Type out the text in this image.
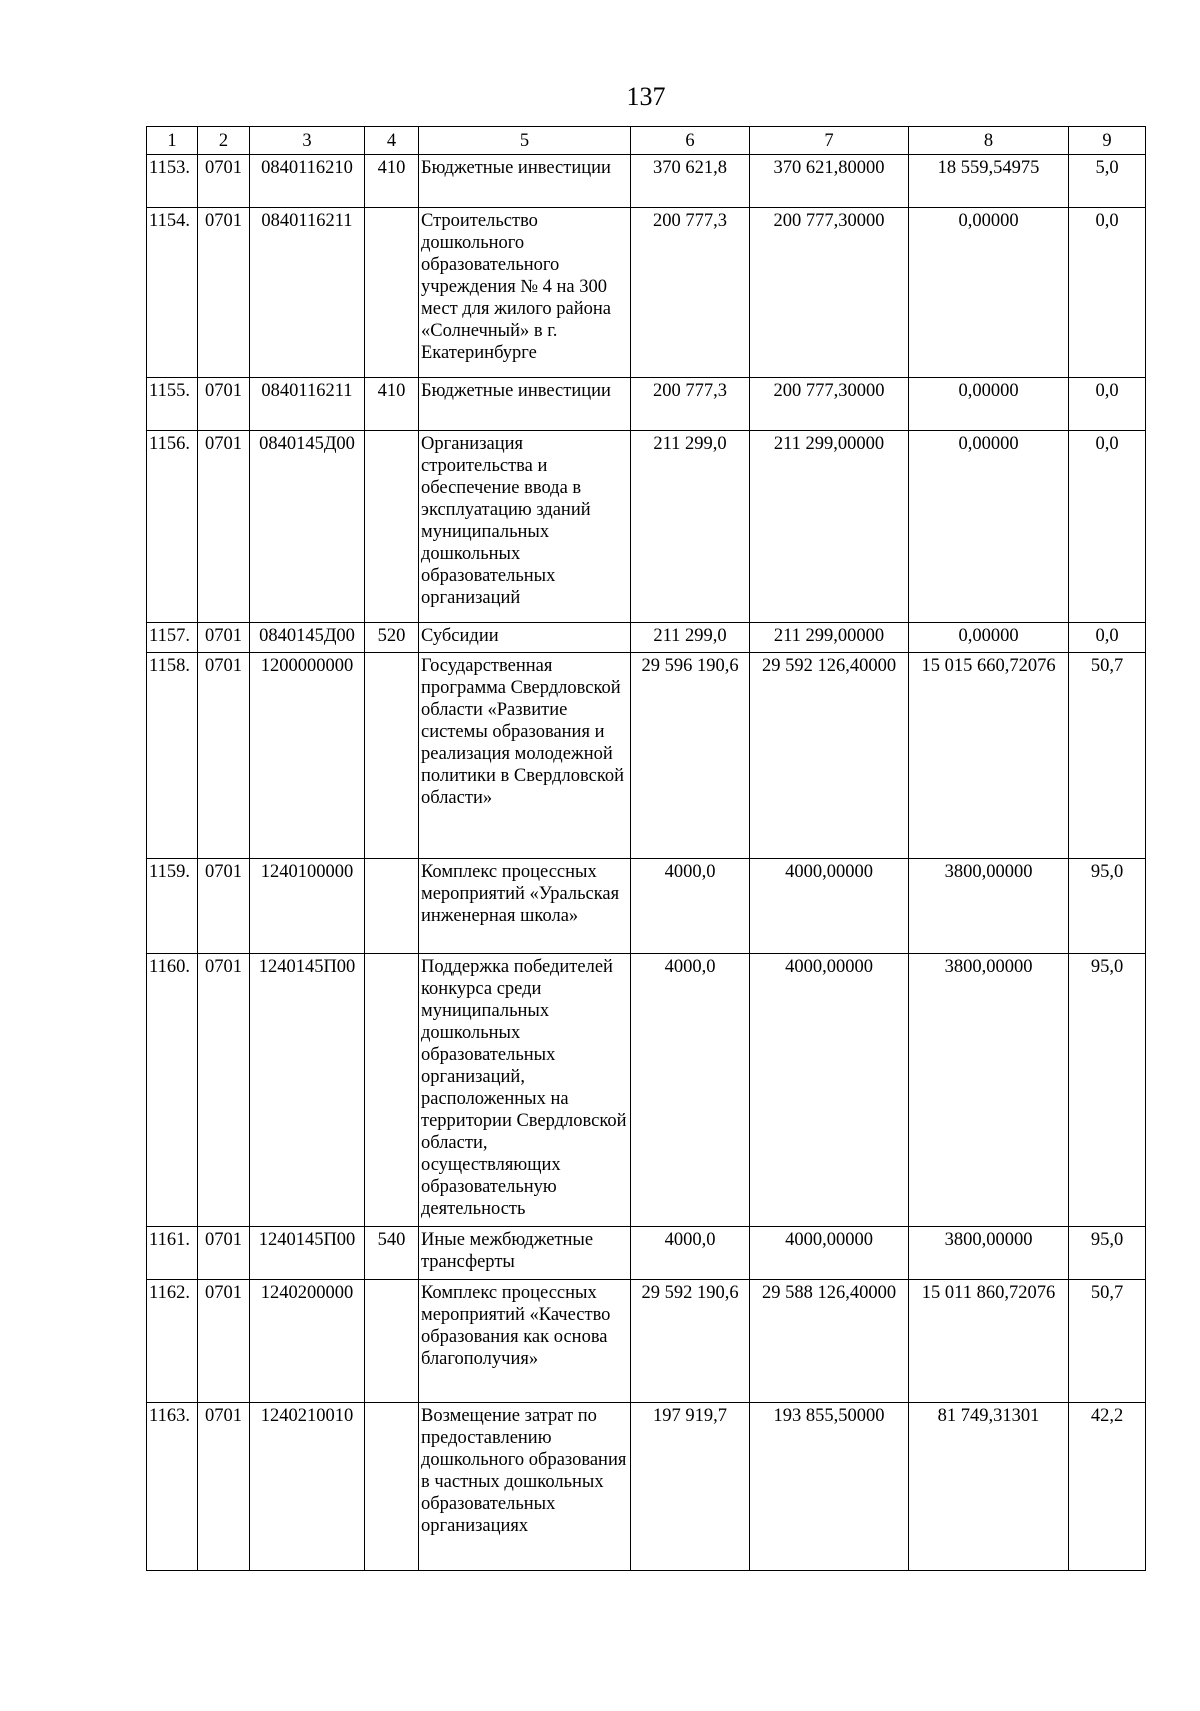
137
1	2	3	4	5	6	7	8	9
1153.	0701	0840116210	410	Бюджетные инвестиции	370 621,8	370 621,80000	18 559,54975	5,0
1154.	0701	0840116211		Строительство дошкольного образовательного учреждения № 4 на 300 мест для жилого района «Солнечный» в г. Екатеринбурге	200 777,3	200 777,30000	0,00000	0,0
1155.	0701	0840116211	410	Бюджетные инвестиции	200 777,3	200 777,30000	0,00000	0,0
1156.	0701	0840145Д00		Организация строительства и обеспечение ввода в эксплуатацию зданий муниципальных дошкольных образовательных организаций	211 299,0	211 299,00000	0,00000	0,0
1157.	0701	0840145Д00	520	Субсидии	211 299,0	211 299,00000	0,00000	0,0
1158.	0701	1200000000		Государственная программа Свердловской области «Развитие системы образования и реализация молодежной политики в Свердловской области»	29 596 190,6	29 592 126,40000	15 015 660,72076	50,7
1159.	0701	1240100000		Комплекс процессных мероприятий «Уральская инженерная школа»	4000,0	4000,00000	3800,00000	95,0
1160.	0701	1240145П00		Поддержка победителей конкурса среди муниципальных дошкольных образовательных организаций, расположенных на территории Свердловской области, осуществляющих образовательную деятельность	4000,0	4000,00000	3800,00000	95,0
1161.	0701	1240145П00	540	Иные межбюджетные трансферты	4000,0	4000,00000	3800,00000	95,0
1162.	0701	1240200000		Комплекс процессных мероприятий «Качество образования как основа благополучия»	29 592 190,6	29 588 126,40000	15 011 860,72076	50,7
1163.	0701	1240210010		Возмещение затрат по предоставлению дошкольного образования в частных дошкольных образовательных организациях	197 919,7	193 855,50000	81 749,31301	42,2
